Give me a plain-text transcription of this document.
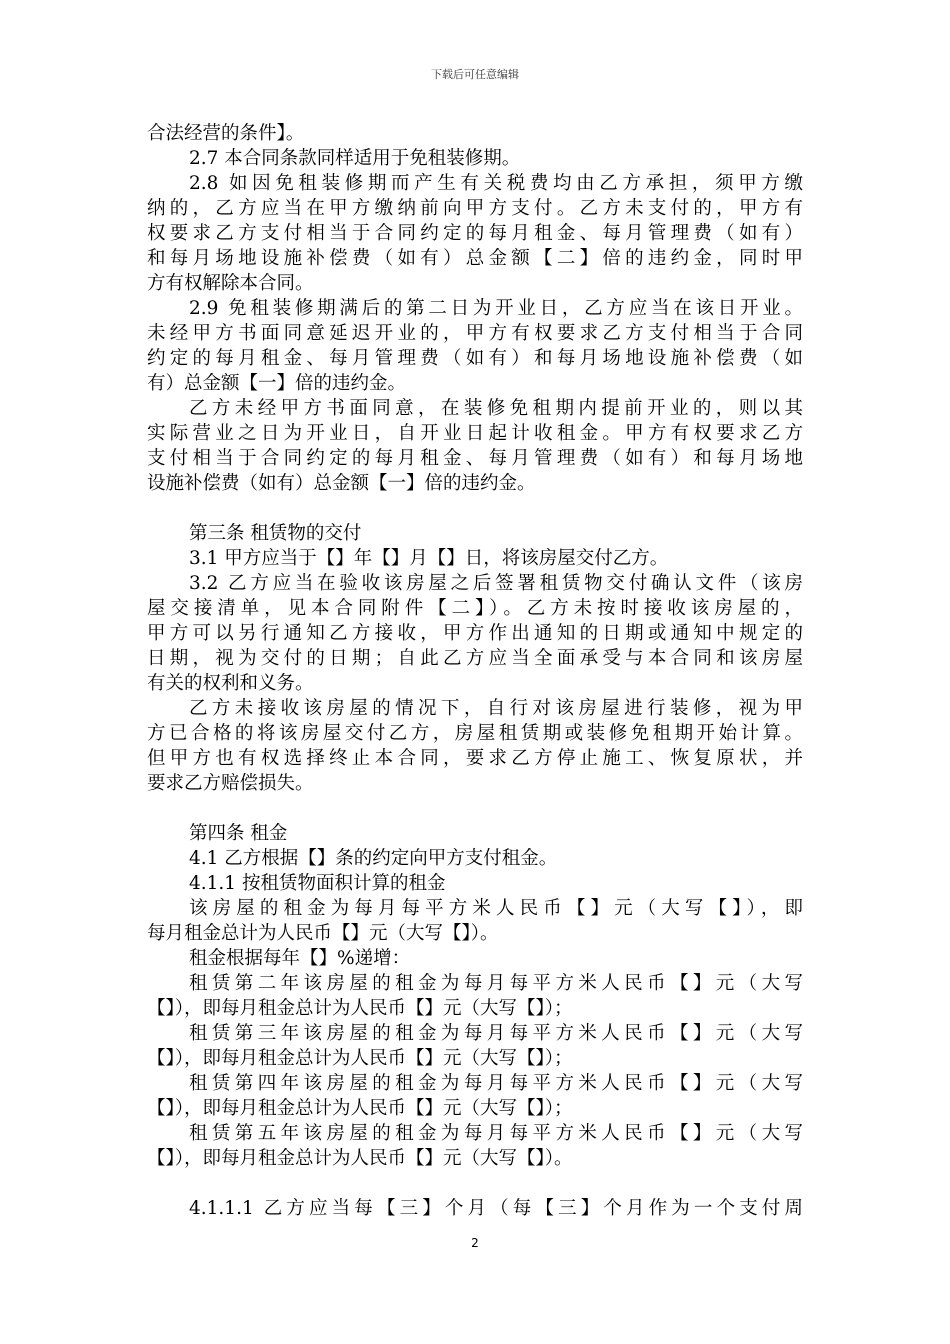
下载后可任意编辑
合法经营的条件】。
2.7 本合同条款同样适用于免租装修期。
2.8 如因免租装修期而产生有关税费均由乙方承担，须甲方缴
纳的，乙方应当在甲方缴纳前向甲方支付。乙方未支付的，甲方有
权要求乙方支付相当于合同约定的每月租金、每月管理费（如有）
和每月场地设施补偿费（如有）总金额【二】倍的违约金，同时甲
方有权解除本合同。
2.9 免租装修期满后的第二日为开业日，乙方应当在该日开业。
未经甲方书面同意延迟开业的，甲方有权要求乙方支付相当于合同
约定的每月租金、每月管理费（如有）和每月场地设施补偿费（如
有）总金额【一】倍的违约金。
乙方未经甲方书面同意，在装修免租期内提前开业的，则以其
实际营业之日为开业日，自开业日起计收租金。甲方有权要求乙方
支付相当于合同约定的每月租金、每月管理费（如有）和每月场地
设施补偿费（如有）总金额【一】倍的违约金。
第三条 租赁物的交付
3.1 甲方应当于【】年【】月【】日，将该房屋交付乙方。
3.2 乙方应当在验收该房屋之后签署租赁物交付确认文件（该房
屋交接清单，见本合同附件【二】）。乙方未按时接收该房屋的，
甲方可以另行通知乙方接收，甲方作出通知的日期或通知中规定的
日期，视为交付的日期；自此乙方应当全面承受与本合同和该房屋
有关的权利和义务。
乙方未接收该房屋的情况下，自行对该房屋进行装修，视为甲
方已合格的将该房屋交付乙方，房屋租赁期或装修免租期开始计算。
但甲方也有权选择终止本合同，要求乙方停止施工、恢复原状，并
要求乙方赔偿损失。
第四条 租金
4.1 乙方根据【】条的约定向甲方支付租金。
4.1.1 按租赁物面积计算的租金
该房屋的租金为每月每平方米人民币【】元（大写【】），即
每月租金总计为人民币【】元（大写【】）。
租金根据每年【】%递增：
租赁第二年该房屋的租金为每月每平方米人民币【】元（大写
【】），即每月租金总计为人民币【】元（大写【】）；
租赁第三年该房屋的租金为每月每平方米人民币【】元（大写
【】），即每月租金总计为人民币【】元（大写【】）；
租赁第四年该房屋的租金为每月每平方米人民币【】元（大写
【】），即每月租金总计为人民币【】元（大写【】）；
租赁第五年该房屋的租金为每月每平方米人民币【】元（大写
【】），即每月租金总计为人民币【】元（大写【】）。
4.1.1.1 乙方应当每【三】个月（每【三】个月作为一个支付周
2
